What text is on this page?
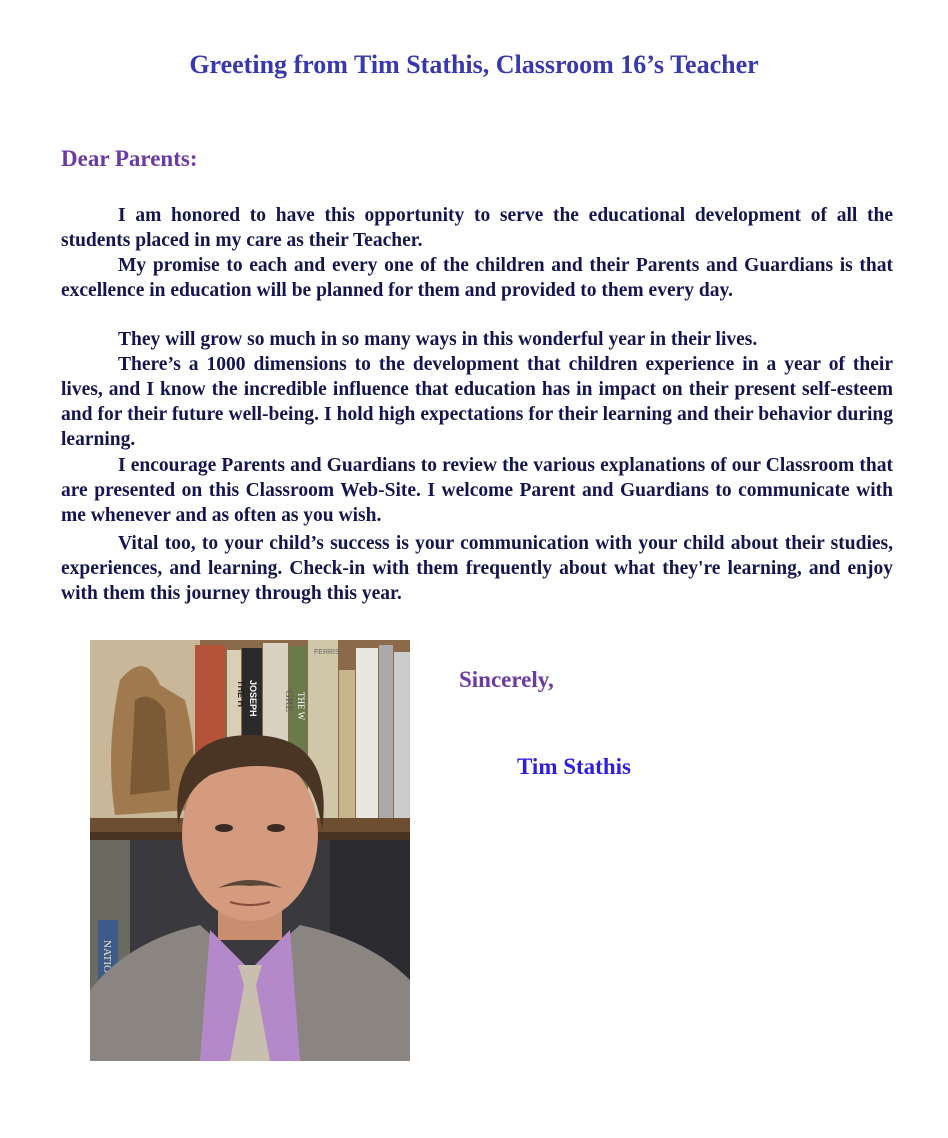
Greeting from Tim Stathis, Classroom 16’s Teacher
Dear Parents:

I am honored to have this opportunity to serve the educational development of all the students placed in my care as their Teacher.

My promise to each and every one of the children and their Parents and Guardians is that excellence in education will be planned for them and provided to them every day.

They will grow so much in so many ways in this wonderful year in their lives.

There’s a 1000 dimensions to the development that children experience in a year of their lives, and I know the incredible influence that education has in impact on their present self-esteem and for their future well-being. I hold high expectations for their learning and their behavior during learning.

I encourage Parents and Guardians to review the various explanations of our Classroom that are presented on this Classroom Web-Site. I welcome Parent and Guardians to communicate with me whenever and as often as you wish.

Vital too, to your child’s success is your communication with your child about their studies, experiences, and learning. Check-in with them frequently about what they're learning, and enjoy with them this journey through this year.

JOSEPH
THE H	THE W
GRE
FERRIS
NATIO
Sincerely,
Tim Stathis
